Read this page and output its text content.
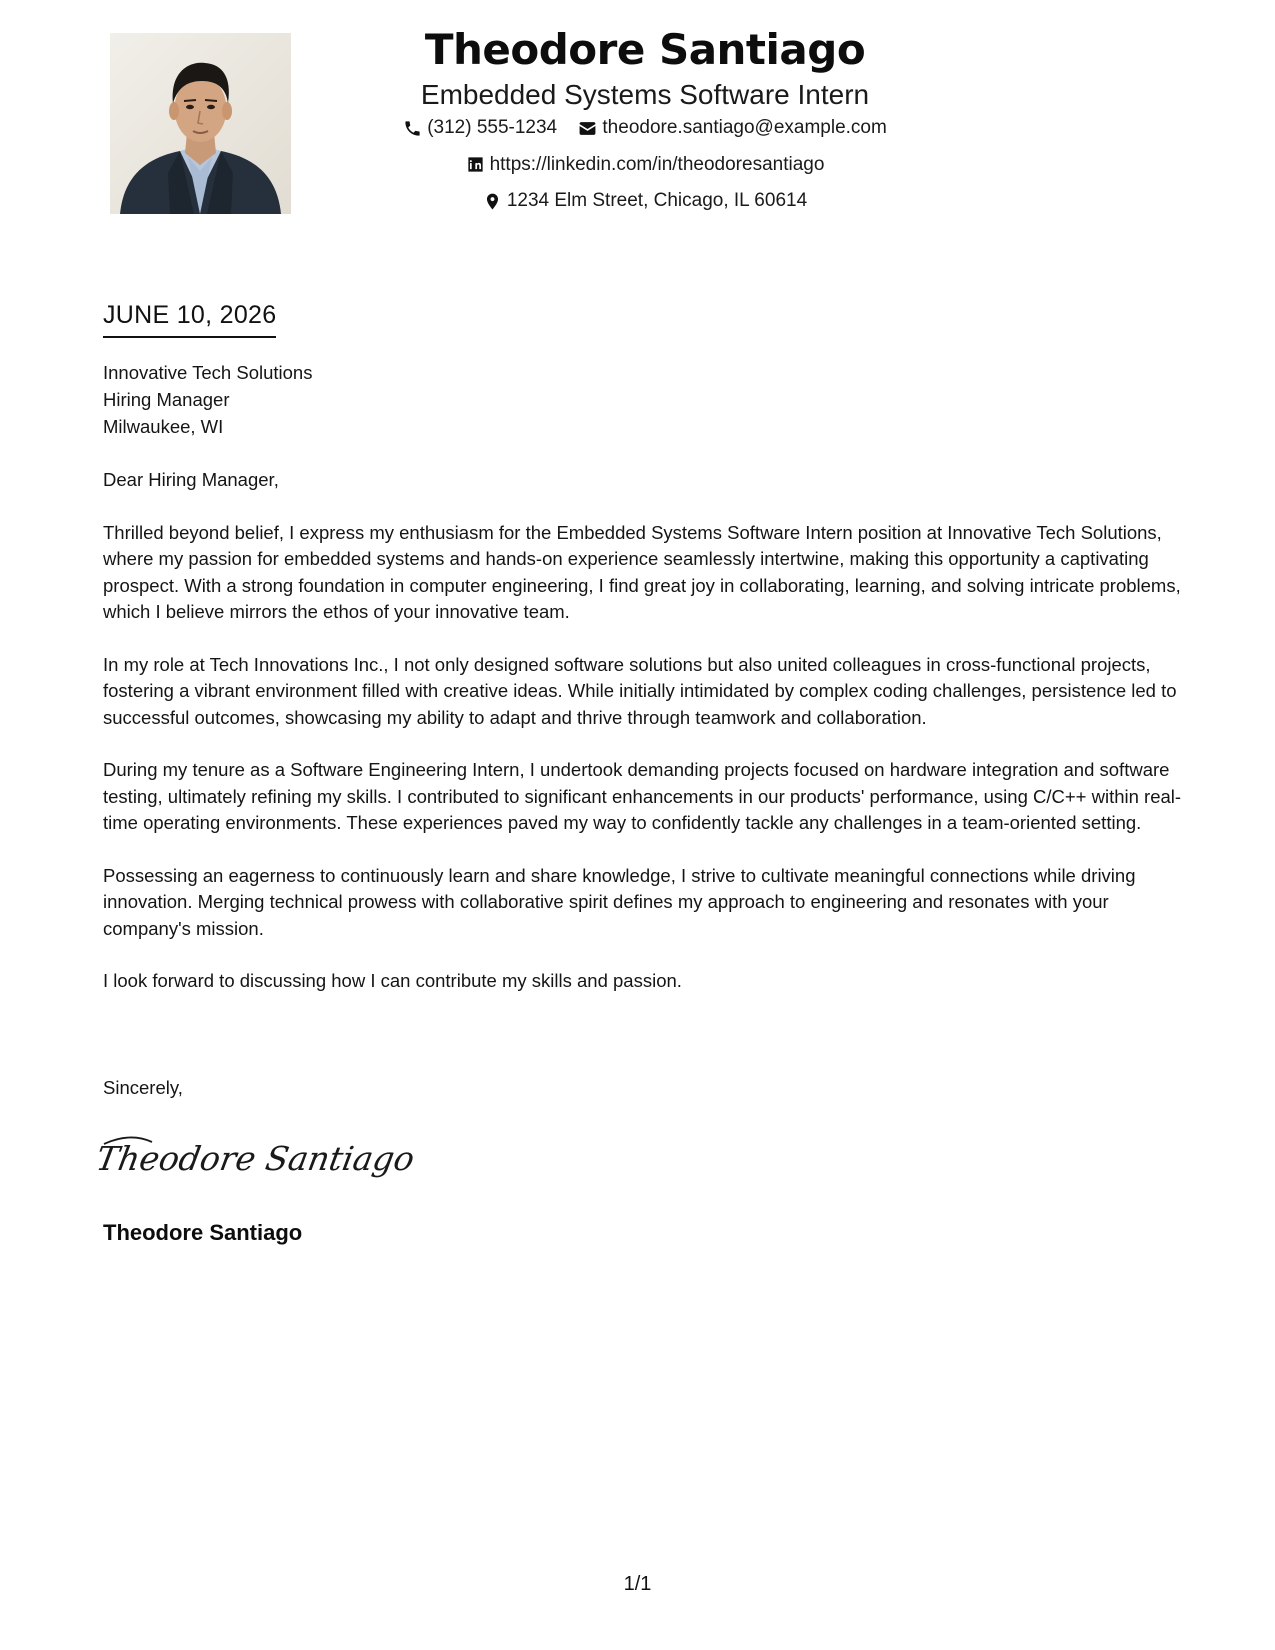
Theodore Santiago
Embedded Systems Software Intern
(312) 555-1234
theodore.santiago@example.com
https://linkedin.com/in/theodoresantiago
1234 Elm Street, Chicago, IL 60614
JUNE 10, 2026
Innovative Tech Solutions
Hiring Manager
Milwaukee, WI

Dear Hiring Manager,

Thrilled beyond belief, I express my enthusiasm for the Embedded Systems Software Intern position at Innovative Tech Solutions, where my passion for embedded systems and hands-on experience seamlessly intertwine, making this opportunity a captivating prospect. With a strong foundation in computer engineering, I find great joy in collaborating, learning, and solving intricate problems, which I believe mirrors the ethos of your innovative team.

In my role at Tech Innovations Inc., I not only designed software solutions but also united colleagues in cross-functional projects, fostering a vibrant environment filled with creative ideas. While initially intimidated by complex coding challenges, persistence led to successful outcomes, showcasing my ability to adapt and thrive through teamwork and collaboration.

During my tenure as a Software Engineering Intern, I undertook demanding projects focused on hardware integration and software testing, ultimately refining my skills. I contributed to significant enhancements in our products' performance, using C/C++ within real-time operating environments. These experiences paved my way to confidently tackle any challenges in a team-oriented setting.

Possessing an eagerness to continuously learn and share knowledge, I strive to cultivate meaningful connections while driving innovation. Merging technical prowess with collaborative spirit defines my approach to engineering and resonates with your company's mission.

I look forward to discussing how I can contribute my skills and passion.

Sincerely,
Theodore Santiago
Theodore Santiago
1/1
